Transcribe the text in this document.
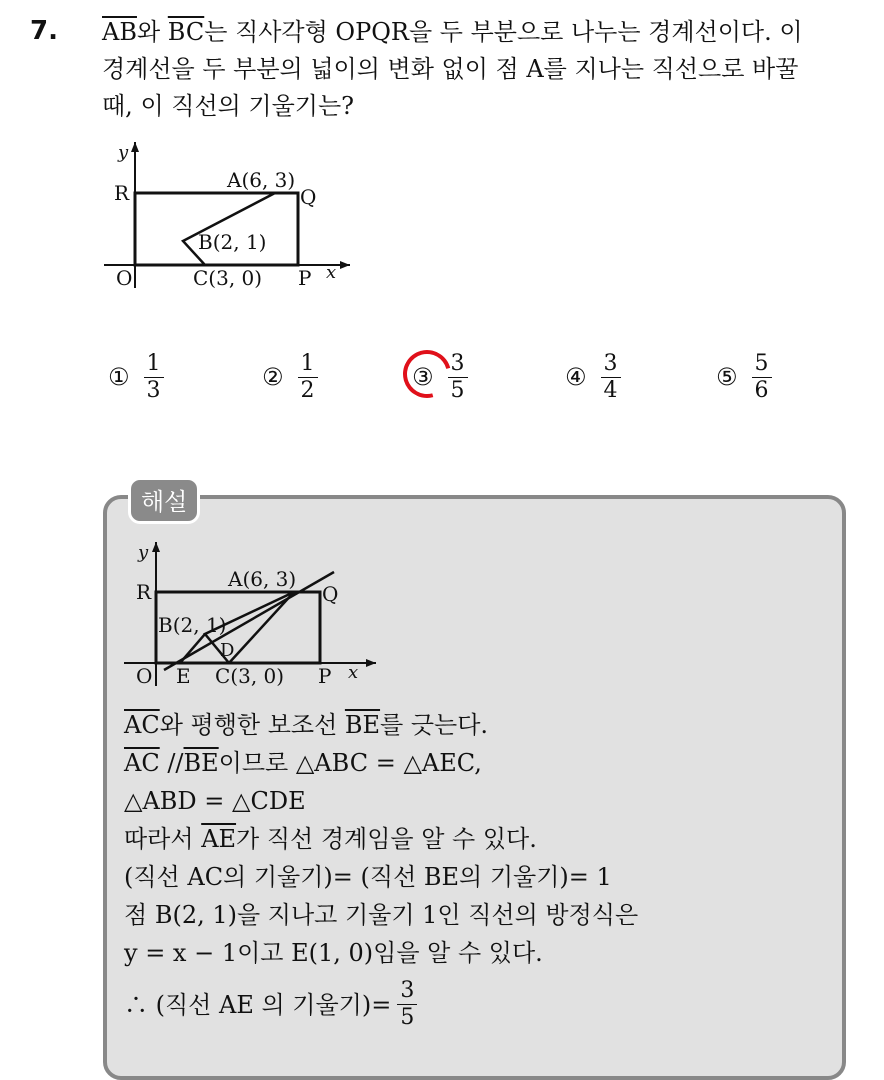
7. $\overline{AB}$와 $\overline{BC}$는 직사각형 OPQR을 두 부분으로 나누는 경계선이다. 이

경계선을 두 부분의 넓이의 변화 없이 점 A를 지나는 직선으로 바꿀

때, 이 직선의 기울기는?

y
x
R	Q
O	P
A(6, 3)
B(2, 1)
C(3, 0)
① $\frac{1}{3}$	② $\frac{1}{2}$	③ $\frac{3}{5}$	④ $\frac{3}{4}$	⑤ $\frac{5}{6}$
해설
y
x
R	Q
O	P
E
D
A(6, 3)
B(2, 1)
C(3, 0)

$\overline{AC}$와 평행한 보조선 $\overline{BE}$를 긋는다.

$\overline{AC}$ $//\overline{BE}$이므로 △ABC = △AEC,

△ABD = △CDE

따라서 $\overline{AE}$가 직선 경계임을 알 수 있다.

(직선 AC의 기울기)= (직선 BE의 기울기)= 1

점 B(2, 1)을 지나고 기울기 1인 직선의 방정식은

y = x − 1이고 E(1, 0)임을 알 수 있다.

∴ (직선 AE 의 기울기)= $\frac{3}{5}$
